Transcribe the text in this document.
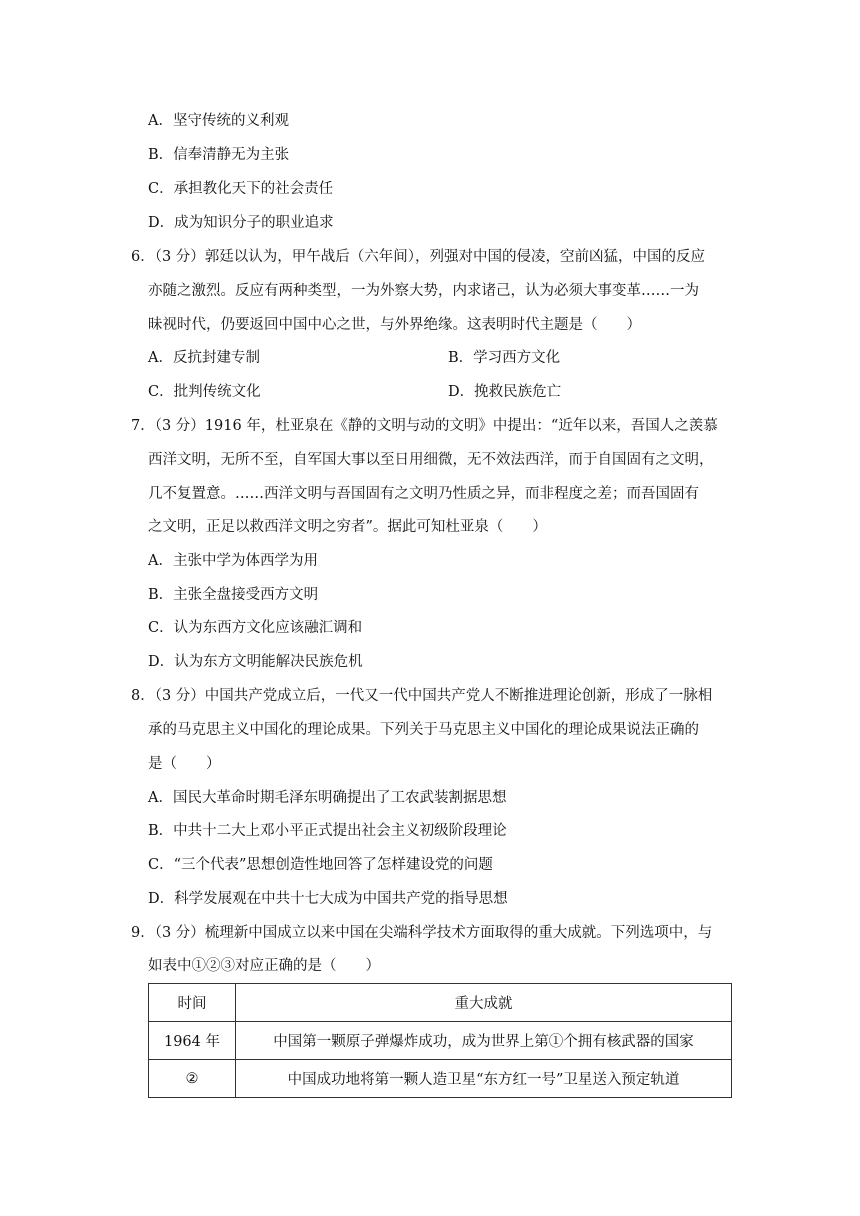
A．坚守传统的义利观
B．信奉清静无为主张
C．承担教化天下的社会责任
D．成为知识分子的职业追求
6．（3 分）郭廷以认为，甲午战后（六年间），列强对中国的侵凌，空前凶猛，中国的反应
亦随之激烈。反应有两种类型，一为外察大势，内求诸己，认为必须大事变革……一为
昧视时代，仍要返回中国中心之世，与外界绝缘。这表明时代主题是（　　）
A．反抗封建专制	B．学习西方文化
C．批判传统文化	D．挽救民族危亡
7．（3 分）1916 年，杜亚泉在《静的文明与动的文明》中提出：“近年以来，吾国人之羡慕
西洋文明，无所不至，自军国大事以至日用细微，无不效法西洋，而于自国固有之文明，
几不复置意。……西洋文明与吾国固有之文明乃性质之异，而非程度之差；而吾国固有
之文明，正足以救西洋文明之穷者”。据此可知杜亚泉（　　）
A．主张中学为体西学为用
B．主张全盘接受西方文明
C．认为东西方文化应该融汇调和
D．认为东方文明能解决民族危机
8．（3 分）中国共产党成立后，一代又一代中国共产党人不断推进理论创新，形成了一脉相
承的马克思主义中国化的理论成果。下列关于马克思主义中国化的理论成果说法正确的
是（　　）
A．国民大革命时期毛泽东明确提出了工农武装割据思想
B．中共十二大上邓小平正式提出社会主义初级阶段理论
C．“三个代表”思想创造性地回答了怎样建设党的问题
D．科学发展观在中共十七大成为中国共产党的指导思想
9．（3 分）梳理新中国成立以来中国在尖端科学技术方面取得的重大成就。下列选项中，与
如表中①②③对应正确的是（　　）
时间	重大成就
1964 年	中国第一颗原子弹爆炸成功，成为世界上第①个拥有核武器的国家
②	中国成功地将第一颗人造卫星“东方红一号”卫星送入预定轨道
